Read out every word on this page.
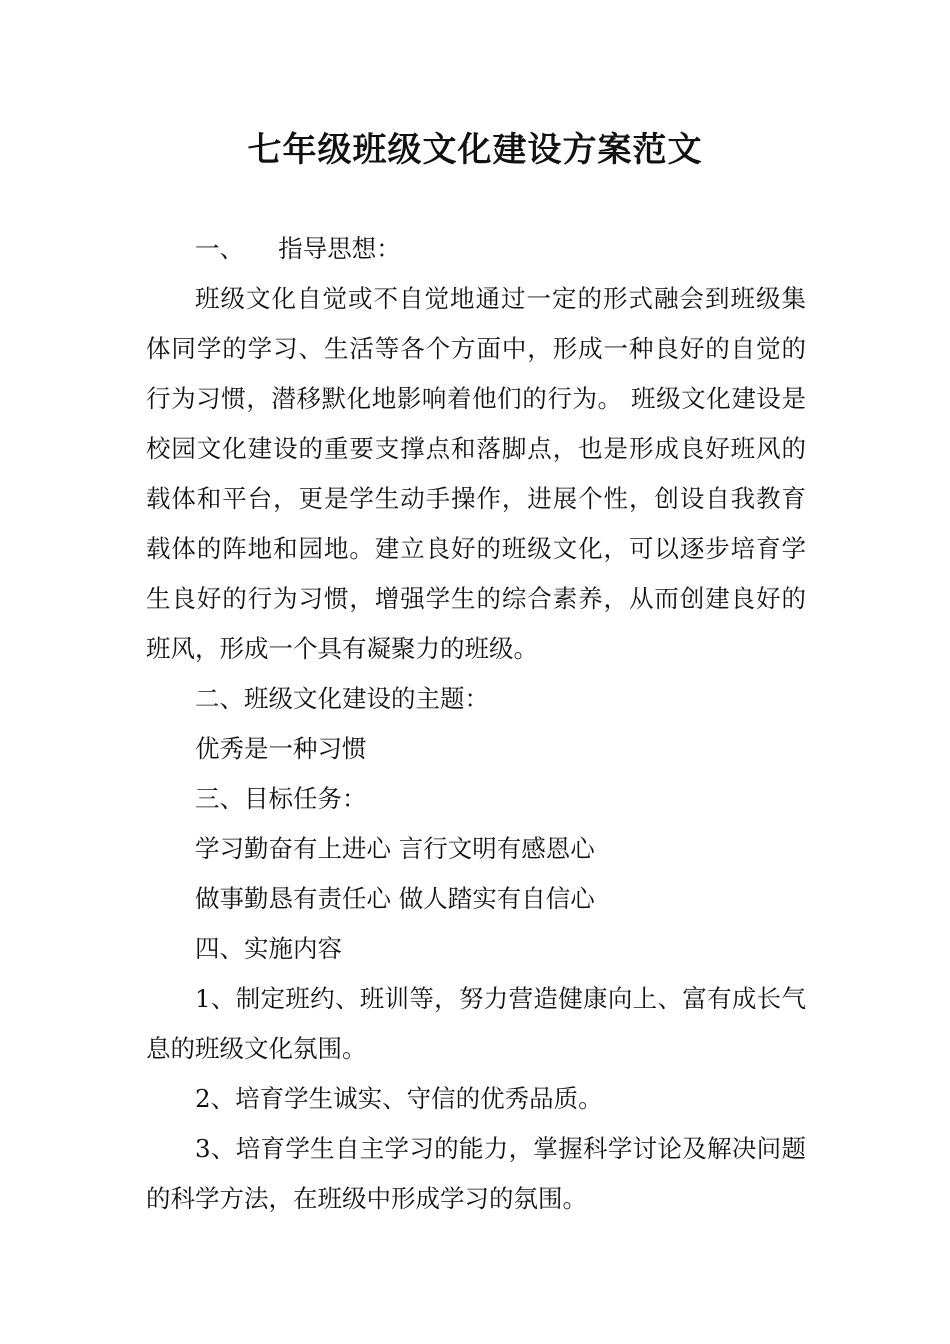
七年级班级文化建设方案范文

一、 指导思想：

班级文化自觉或不自觉地通过一定的形式融会到班级集体同学的学习、生活等各个方面中，形成一种良好的自觉的行为习惯，潜移默化地影响着他们的行为。 班级文化建设是校园文化建设的重要支撑点和落脚点，也是形成良好班风的载体和平台，更是学生动手操作，进展个性，创设自我教育载体的阵地和园地。建立良好的班级文化，可以逐步培育学生良好的行为习惯，增强学生的综合素养，从而创建良好的班风，形成一个具有凝聚力的班级。

二、班级文化建设的主题：

优秀是一种习惯

三、目标任务：

学习勤奋有上进心 言行文明有感恩心

做事勤恳有责任心 做人踏实有自信心

四、实施内容

1、制定班约、班训等，努力营造健康向上、富有成长气息的班级文化氛围。

2、培育学生诚实、守信的优秀品质。

3、培育学生自主学习的能力，掌握科学讨论及解决问题的科学方法，在班级中形成学习的氛围。
